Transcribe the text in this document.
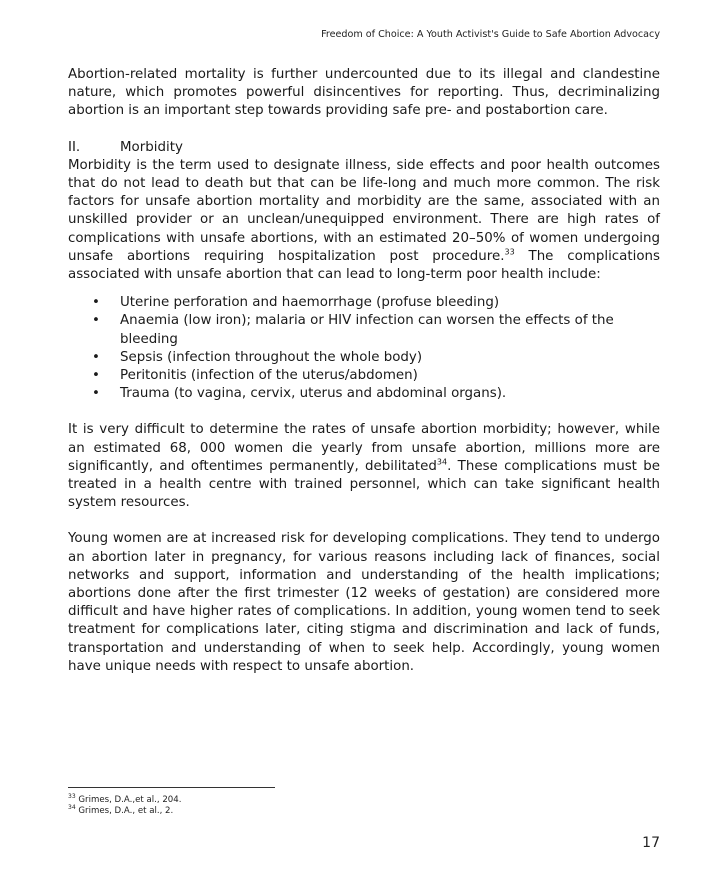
Freedom of Choice: A Youth Activist's Guide to Safe Abortion Advocacy

Abortion-related mortality is further undercounted due to its illegal and clandestine nature, which promotes powerful disincentives for reporting. Thus, decriminalizing abortion is an important step towards providing safe pre- and postabortion care.

II.	Morbidity

Morbidity is the term used to designate illness, side effects and poor health outcomes that do not lead to death but that can be life-long and much more common. The risk factors for unsafe abortion mortality and morbidity are the same, associated with an unskilled provider or an unclean/unequipped environment. There are high rates of complications with unsafe abortions, with an estimated 20–50% of women undergoing unsafe abortions requiring hospitalization post procedure.$^{33}$ The complications associated with unsafe abortion that can lead to long-term poor health include:

• Uterine perforation and haemorrhage (profuse bleeding)
• Anaemia (low iron); malaria or HIV infection can worsen the effects of the bleeding
• Sepsis (infection throughout the whole body)
• Peritonitis (infection of the uterus/abdomen)
• Trauma (to vagina, cervix, uterus and abdominal organs).

It is very difficult to determine the rates of unsafe abortion morbidity; however, while an estimated 68, 000 women die yearly from unsafe abortion, millions more are significantly, and oftentimes permanently, debilitated$^{34}$. These complications must be treated in a health centre with trained personnel, which can take significant health system resources.

Young women are at increased risk for developing complications. They tend to undergo an abortion later in pregnancy, for various reasons including lack of finances, social networks and support, information and understanding of the health implications; abortions done after the first trimester (12 weeks of gestation) are considered more difficult and have higher rates of complications. In addition, young women tend to seek treatment for complications later, citing stigma and discrimination and lack of funds, transportation and understanding of when to seek help. Accordingly, young women have unique needs with respect to unsafe abortion.

$^{33}$ Grimes, D.A.,et al., 204.
$^{34}$ Grimes, D.A., et al., 2.
17
